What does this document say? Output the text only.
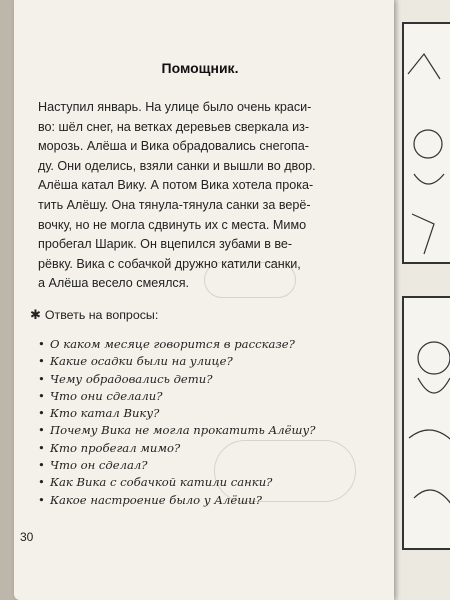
Помощник.
Наступил январь. На улице было очень краси-
во: шёл снег, на ветках деревьев сверкала из-
морозь. Алёша и Вика обрадовались снегопа-
ду. Они оделись, взяли санки и вышли во двор.
Алёша катал Вику. А потом Вика хотела прока-
тить Алёшу. Она тянула-тянула санки за верё-
вочку, но не могла сдвинуть их с места. Мимо
пробегал Шарик. Он вцепился зубами в ве-
рёвку. Вика с собачкой дружно катили санки,
а Алёша весело смеялся.
✱ Ответь на вопросы:
• О каком месяце говорится в рассказе?
• Какие осадки были на улице?
• Чему обрадовались дети?
• Что они сделали?
• Кто катал Вику?
• Почему Вика не могла прокатить Алёшу?
• Кто пробегал мимо?
• Что он сделал?
• Как Вика с собачкой катили санки?
• Какое настроение было у Алёши?
30
